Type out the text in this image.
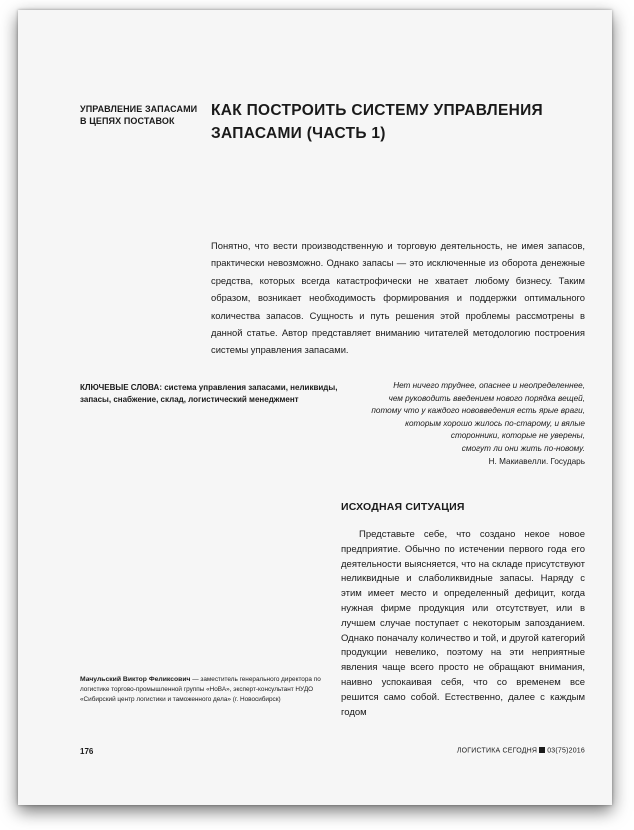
УПРАВЛЕНИЕ ЗАПАСАМИ В ЦЕПЯХ ПОСТАВОК
КАК ПОСТРОИТЬ СИСТЕМУ УПРАВЛЕНИЯ ЗАПАСАМИ (ЧАСТЬ 1)
Понятно, что вести производственную и торговую деятельность, не имея запасов, практически невозможно. Однако запасы — это исключенные из оборота денежные средства, которых всегда катастрофически не хватает любому бизнесу. Таким образом, возникает необходимость формирования и поддержки оптимального количества запасов. Сущность и путь решения этой проблемы рассмотрены в данной статье. Автор представляет вниманию читателей методологию построения системы управления запасами.
КЛЮЧЕВЫЕ СЛОВА: система управления запасами, неликвиды, запасы, снабжение, склад, логистический менеджмент
Нет ничего труднее, опаснее и неопределеннее,
чем руководить введением нового порядка вещей,
потому что у каждого нововведения есть ярые враги,
которым хорошо жилось по-старому, и вялые
сторонники, которые не уверены,
смогут ли они жить по-новому.
Н. Макиавелли. Государь
ИСХОДНАЯ СИТУАЦИЯ
Представьте себе, что создано некое новое предприятие. Обычно по истечении первого года его деятельности выясняется, что на складе присутствуют неликвидные и слаболиквидные запасы. Наряду с этим имеет место и определенный дефицит, когда нужная фирме продукция или отсутствует, или в лучшем случае поступает с некоторым запозданием. Однако поначалу количество и той, и другой категорий продукции невелико, поэтому на эти неприятные явления чаще всего просто не обращают внимания, наивно успокаивая себя, что со временем все решится само собой. Естественно, далее с каждым годом
Мачульский Виктор Феликсович — заместитель генерального директора по логистике торгово-промышленной группы «НоВА», эксперт-консультант НУДО «Сибирский центр логистики и таможенного дела» (г. Новосибирск)
176	ЛОГИСТИКА СЕГОДНЯ 03(75)2016
